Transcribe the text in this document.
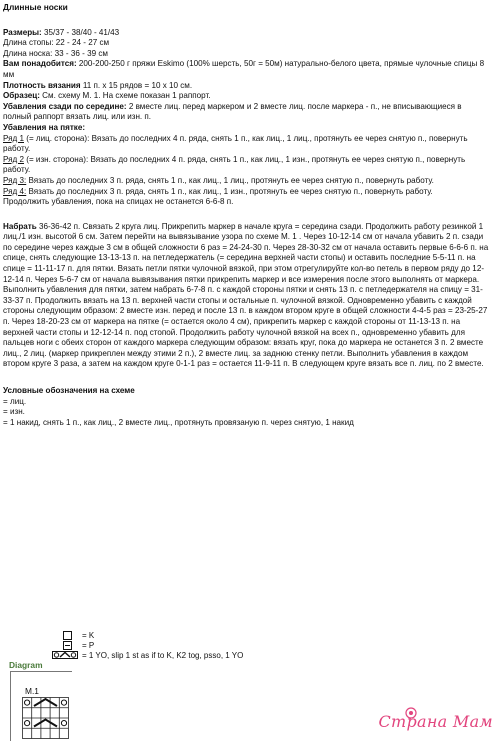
Длинные носки

Размеры: 35/37 - 38/40 - 41/43

Длина стопы: 22 - 24 - 27 см

Длина носка: 33 - 36 - 39 см

Вам понадобится: 200-200-250 г пряжи Eskimo (100% шерсть, 50г = 50м) натурально-белого цвета, прямые чулочные спицы 8 мм

Плотность вязания 11 п. x 15 рядов = 10 x 10 см.

Образец: См. схему М. 1. На схеме показан 1 раппорт.

Убавления сзади по середине: 2 вместе лиц. перед маркером и 2 вместе лиц. после маркера - п., не вписывающиеся в полный раппорт вязать лиц. или изн. п.

Убавления на пятке:

Ряд 1 (= лиц. сторона): Вязать до последних 4 п. ряда, снять 1 п., как лиц., 1 лиц., протянуть ее через снятую п., повернуть работу.

Ряд 2 (= изн. сторона): Вязать до последних 4 п. ряда, снять 1 п., как лиц., 1 изн., протянуть ее через снятую п., повернуть работу.

Ряд 3: Вязать до последних 3 п. ряда, снять 1 п., как лиц., 1 лиц., протянуть ее через снятую п., повернуть работу.

Ряд 4: Вязать до последних 3 п. ряда, снять 1 п., как лиц., 1 изн., протянуть ее через снятую п., повернуть работу.

Продолжить убавления, пока на спицах не останется 6-6-8 п.

Набрать 36-36-42 п. Связать 2 круга лиц. Прикрепить маркер в начале круга = середина сзади. Продолжить работу резинкой 1 лиц./1 изн. высотой 6 см. Затем перейти на вывязывание узора по схеме М. 1 . Через 10-12-14 см от начала убавить 2 п. сзади по середине через каждые 3 см в общей сложности 6 раз = 24-24-30 п. Через 28-30-32 см от начала оставить первые 6-6-6 п. на спице, снять следующие 13-13-13 п. на петледержатель (= середина верхней части стопы) и оставить последние 5-5-11 п. на спице = 11-11-17 п. для пятки. Вязать петли пятки чулочной вязкой, при этом отрегулируйте кол-во петель в первом ряду до 12-12-14 п. Через 5-6-7 см от начала вывязывания пятки прикрепить маркер и все измерения после этого выполнять от маркера.

Выполнить убавления для пятки, затем набрать 6-7-8 п. с каждой стороны пятки и снять 13 п. с петледержателя на спицу = 31-33-37 п. Продолжить вязать на 13 п. верхней части стопы и остальные п. чулочной вязкой. Одновременно убавить с каждой стороны следующим образом: 2 вместе изн. перед и после 13 п. в каждом втором круге в общей сложности 4-4-5 раз = 23-25-27 п. Через 18-20-23 см от маркера на пятке (= остается около 4 см), прикрепить маркер с каждой стороны от 11-13-13 п. на верхней части стопы и 12-12-14 п. под стопой. Продолжить работу чулочной вязкой на всех п., одновременно убавить для пальцев ноги с обеих сторон от каждого маркера следующим образом: вязать круг, пока до маркера не останется 3 п. 2 вместе лиц., 2 лиц. (маркер прикреплен между этими 2 п.), 2 вместе лиц. за заднюю стенку петли. Выполнить убавления в каждом втором круге 3 раза, а затем на каждом круге 0-1-1 раз = остается 11-9-11 п. В следующем круге вязать все п. лиц. по 2 вместе.

Условные обозначения на схеме

= лиц.

= изн.

= 1 накид, снять 1 п., как лиц., 2 вместе лиц., протянуть провязаную п. через снятую, 1 накид

= K
= P
= 1 YO, slip 1 st as if to K, K2 tog, psso, 1 YO
Diagram
M.1
Страна Мам
